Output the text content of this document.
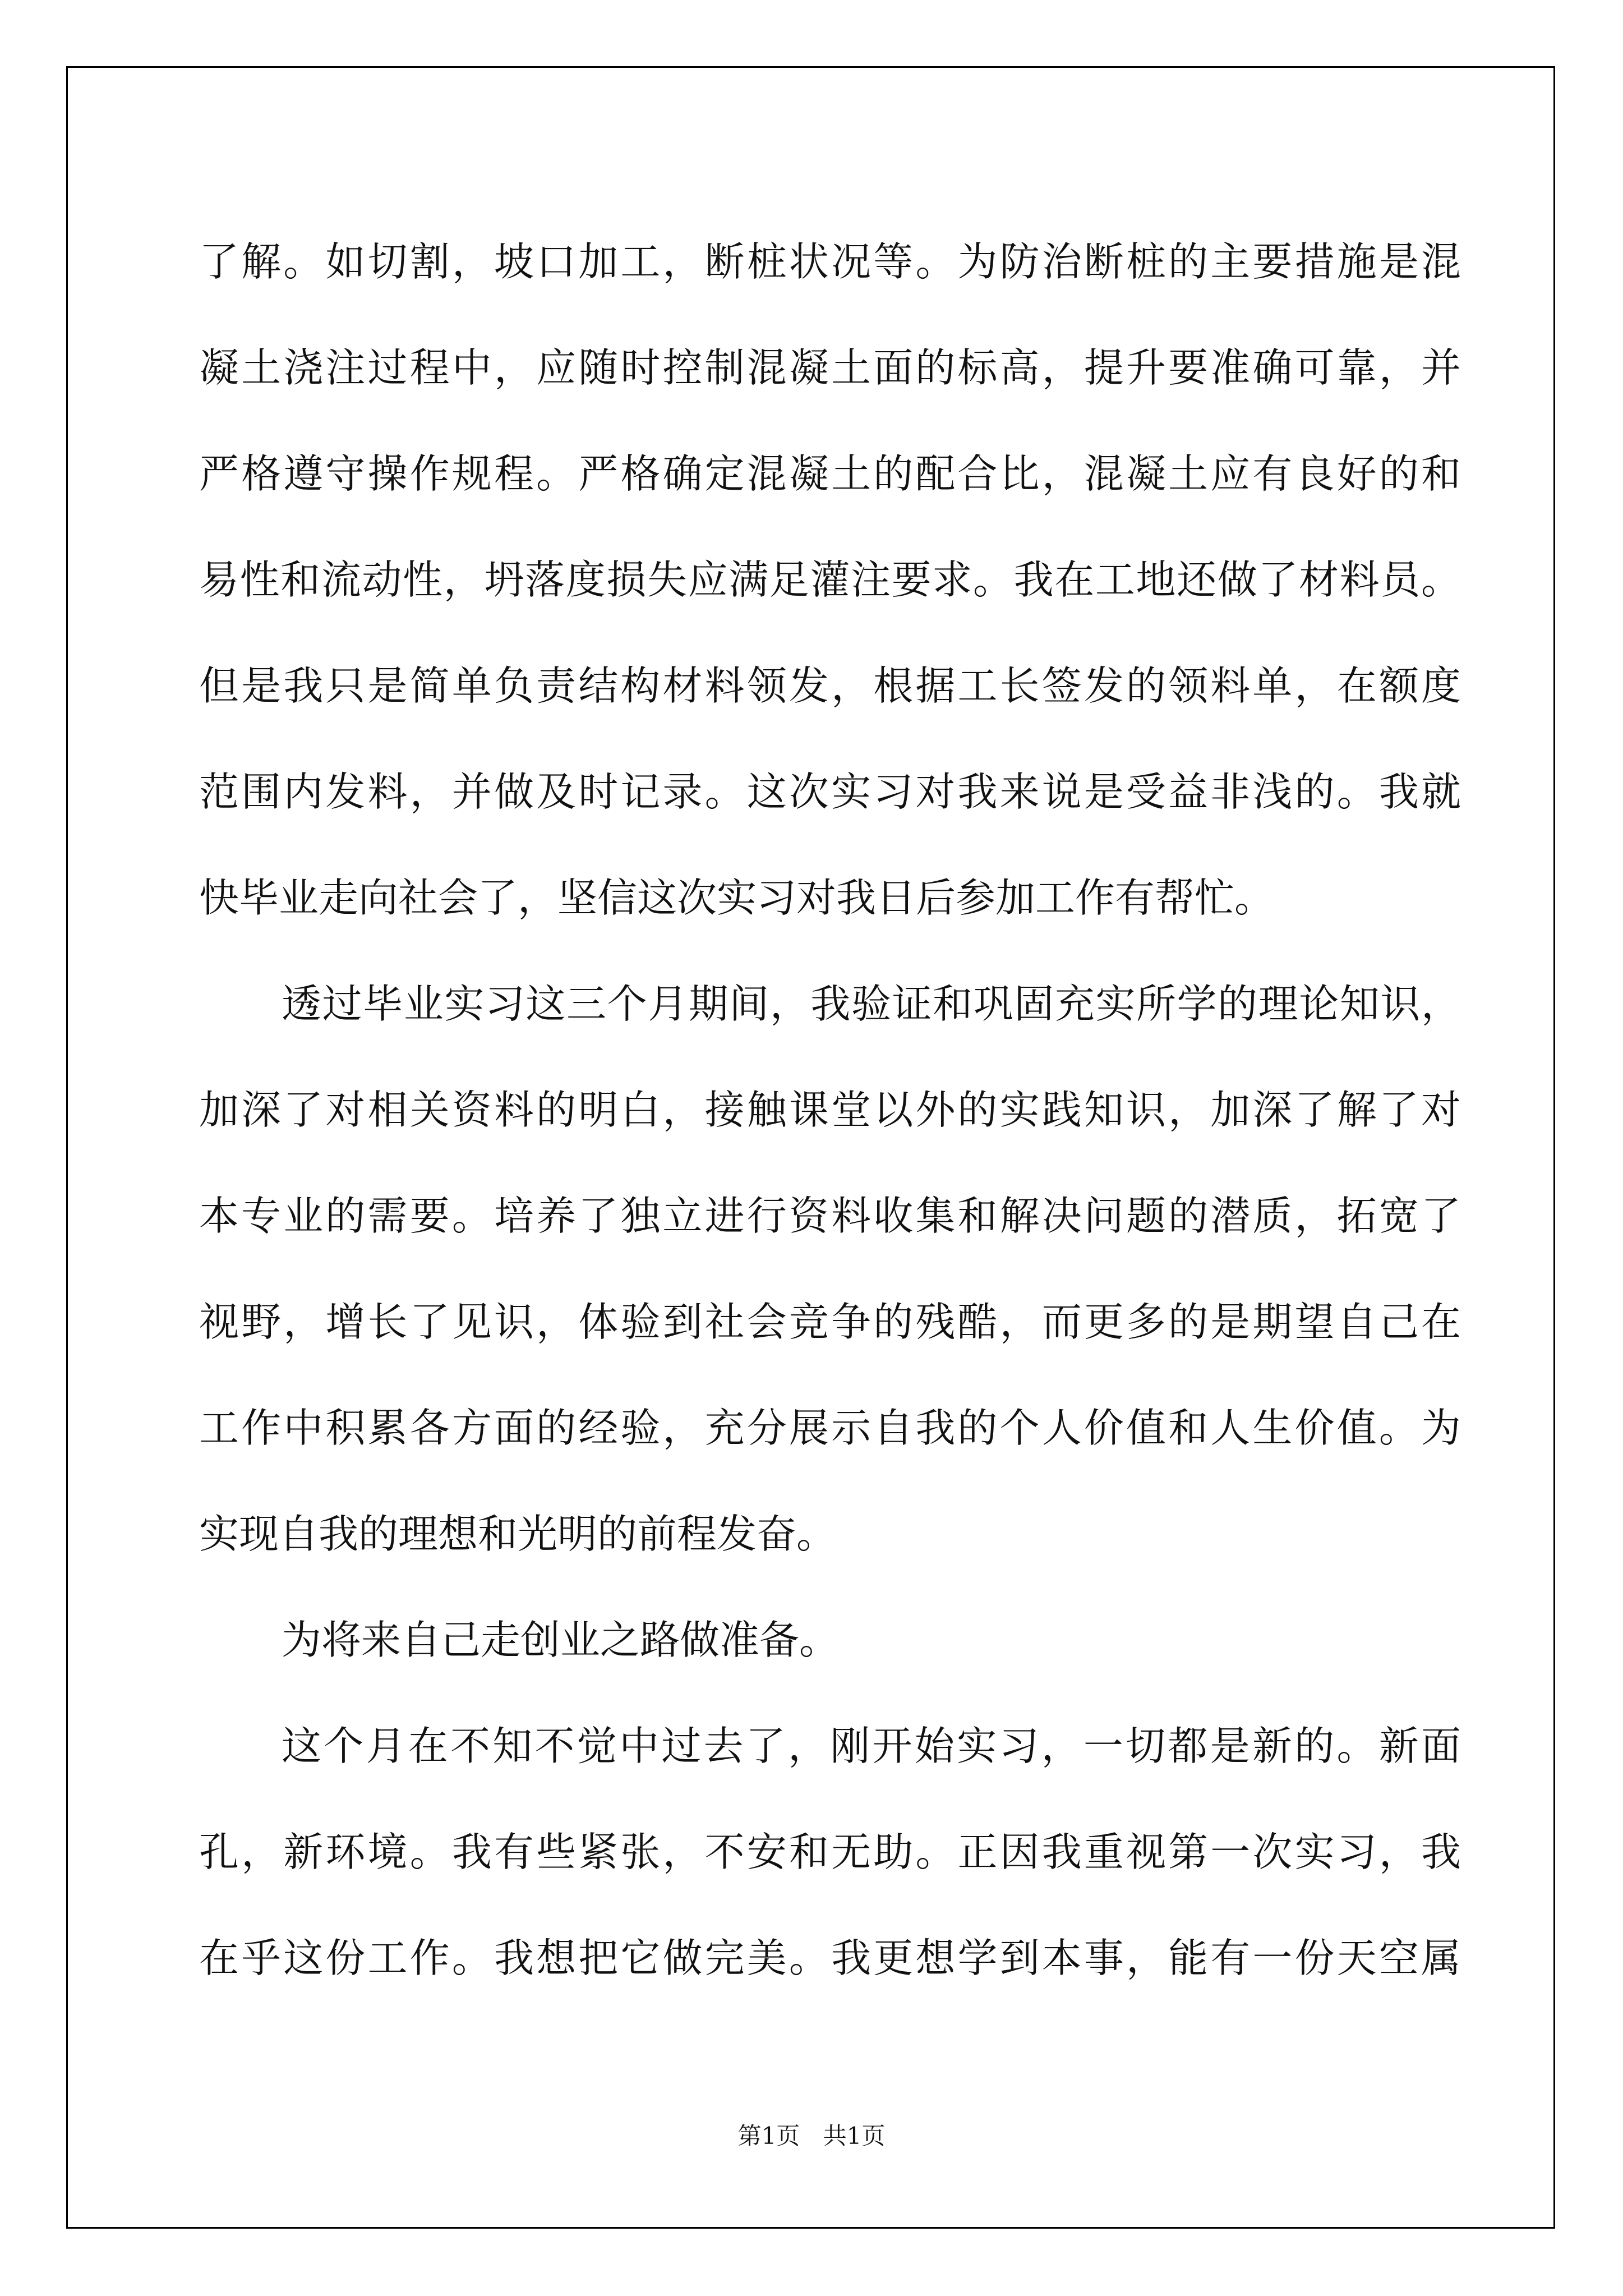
了解。如切割，坡口加工，断桩状况等。为防治断桩的主要措施是混

凝土浇注过程中，应随时控制混凝土面的标高，提升要准确可靠，并

严格遵守操作规程。严格确定混凝土的配合比，混凝土应有良好的和

易性和流动性，坍落度损失应满足灌注要求。我在工地还做了材料员。

但是我只是简单负责结构材料领发，根据工长签发的领料单，在额度

范围内发料，并做及时记录。这次实习对我来说是受益非浅的。我就

快毕业走向社会了，坚信这次实习对我日后参加工作有帮忙。

透过毕业实习这三个月期间，我验证和巩固充实所学的理论知识，

加深了对相关资料的明白，接触课堂以外的实践知识，加深了解了对

本专业的需要。培养了独立进行资料收集和解决问题的潜质，拓宽了

视野，增长了见识，体验到社会竞争的残酷，而更多的是期望自己在

工作中积累各方面的经验，充分展示自我的个人价值和人生价值。为

实现自我的理想和光明的前程发奋。

为将来自己走创业之路做准备。

这个月在不知不觉中过去了，刚开始实习，一切都是新的。新面

孔，新环境。我有些紧张，不安和无助。正因我重视第一次实习，我

在乎这份工作。我想把它做完美。我更想学到本事，能有一份天空属

第1页 共1页
